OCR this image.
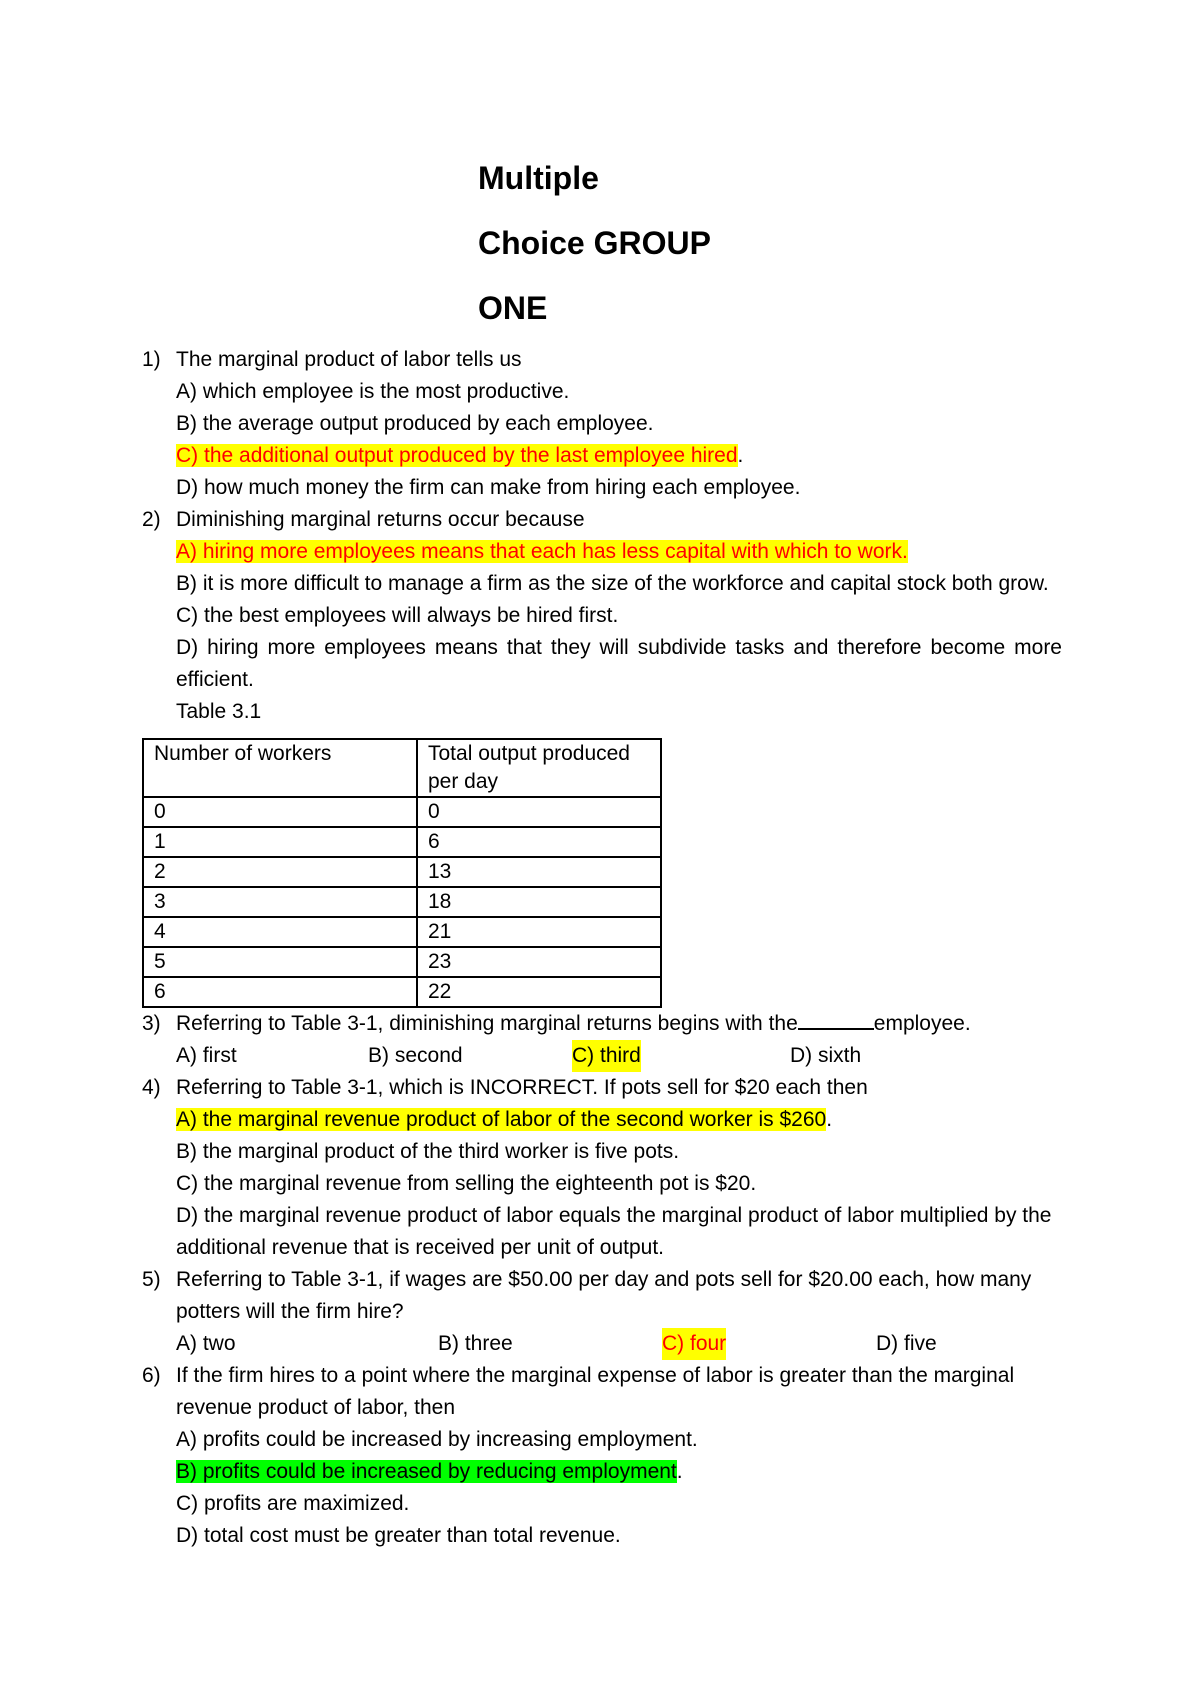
Multiple
Choice GROUP
ONE
1) The marginal product of labor tells us
A) which employee is the most productive.
B) the average output produced by each employee.
C) the additional output produced by the last employee hired.
D) how much money the firm can make from hiring each employee.
2) Diminishing marginal returns occur because
A) hiring more employees means that each has less capital with which to work.
B) it is more difficult to manage a firm as the size of the workforce and capital stock both grow.
C) the best employees will always be hired first.
D) hiring more employees means that they will subdivide tasks and therefore become more efficient.
Table 3.1
Number of workers	Total output produced per day
0	0
1	6
2	13
3	18
4	21
5	23
6	22
3) Referring to Table 3-1, diminishing marginal returns begins with the	employee.
A) first	B) second	C) third	D) sixth
4) Referring to Table 3-1, which is INCORRECT. If pots sell for $20 each then
A) the marginal revenue product of labor of the second worker is $260.
B) the marginal product of the third worker is five pots.
C) the marginal revenue from selling the eighteenth pot is $20.
D) the marginal revenue product of labor equals the marginal product of labor multiplied by the additional revenue that is received per unit of output.
5) Referring to Table 3-1, if wages are $50.00 per day and pots sell for $20.00 each, how many potters will the firm hire?
A) two	B) three	C) four	D) five
6) If the firm hires to a point where the marginal expense of labor is greater than the marginal revenue product of labor, then
A) profits could be increased by increasing employment.
B) profits could be increased by reducing employment.
C) profits are maximized.
D) total cost must be greater than total revenue.
